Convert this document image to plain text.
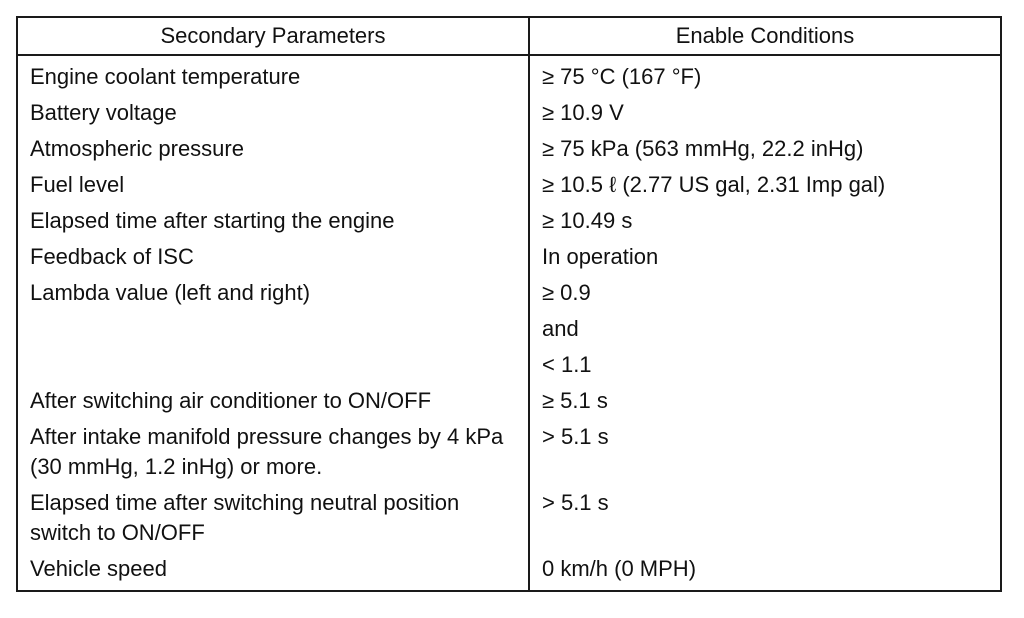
Secondary Parameters	Enable Conditions
Engine coolant temperature	≥ 75 °C (167 °F)
Battery voltage	≥ 10.9 V
Atmospheric pressure	≥ 75 kPa (563 mmHg, 22.2 inHg)
Fuel level	≥ 10.5 ℓ (2.77 US gal, 2.31 Imp gal)
Elapsed time after starting the engine	≥ 10.49 s
Feedback of ISC	In operation
Lambda value (left and right)	≥ 0.9
	and
	< 1.1
After switching air conditioner to ON/OFF	≥ 5.1 s
After intake manifold pressure changes by 4 kPa (30 mmHg, 1.2 inHg) or more.	> 5.1 s
Elapsed time after switching neutral position switch to ON/OFF	> 5.1 s
Vehicle speed	0 km/h (0 MPH)
